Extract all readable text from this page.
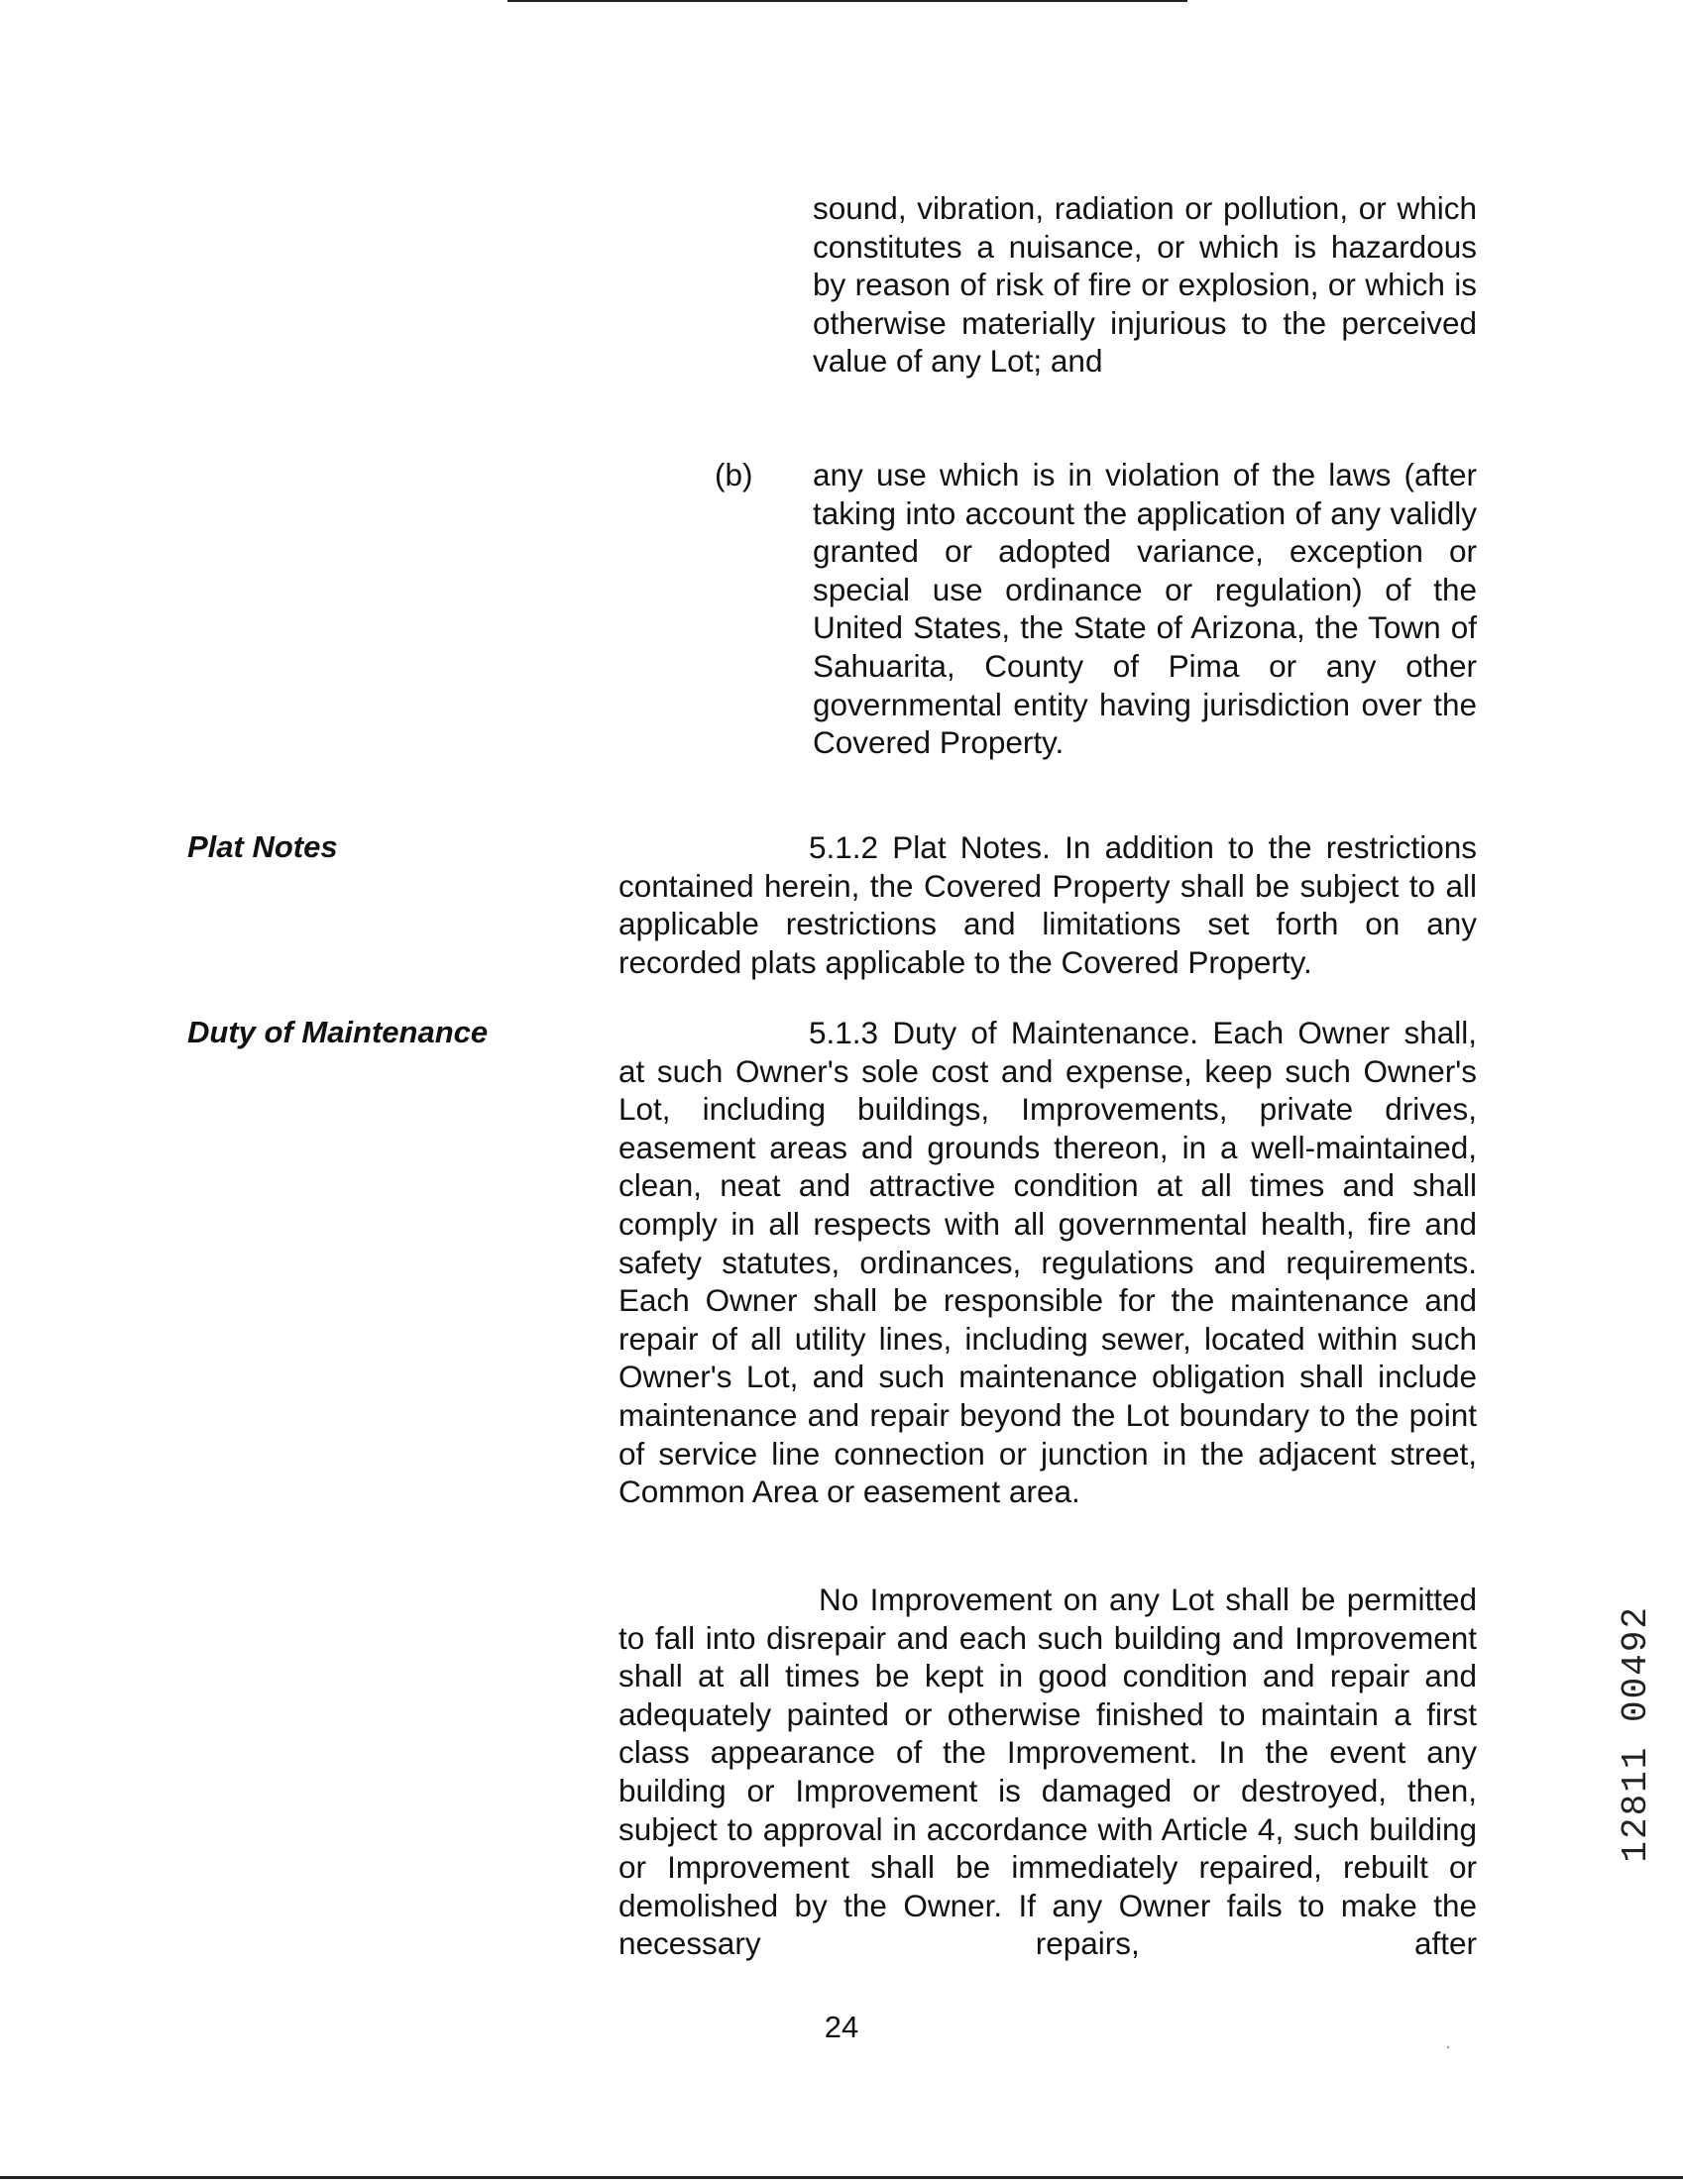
sound, vibration, radiation or pollution, or which constitutes a nuisance, or which is hazardous by reason of risk of fire or explosion, or which is otherwise materially injurious to the perceived value of any Lot; and

(b) any use which is in violation of the laws (after taking into account the application of any validly granted or adopted variance, exception or special use ordinance or regulation) of the United States, the State of Arizona, the Town of Sahuarita, County of Pima or any other governmental entity having jurisdiction over the Covered Property.

Plat Notes	5.1.2 Plat Notes. In addition to the restrictions contained herein, the Covered Property shall be subject to all applicable restrictions and limitations set forth on any recorded plats applicable to the Covered Property.

Duty of Maintenance	5.1.3 Duty of Maintenance. Each Owner shall, at such Owner's sole cost and expense, keep such Owner's Lot, including buildings, Improvements, private drives, easement areas and grounds thereon, in a well-maintained, clean, neat and attractive condition at all times and shall comply in all respects with all governmental health, fire and safety statutes, ordinances, regulations and requirements. Each Owner shall be responsible for the maintenance and repair of all utility lines, including sewer, located within such Owner's Lot, and such maintenance obligation shall include maintenance and repair beyond the Lot boundary to the point of service line connection or junction in the adjacent street, Common Area or easement area.

No Improvement on any Lot shall be permitted to fall into disrepair and each such building and Improvement shall at all times be kept in good condition and repair and adequately painted or otherwise finished to maintain a first class appearance of the Improvement. In the event any building or Improvement is damaged or destroyed, then, subject to approval in accordance with Article 4, such building or Improvement shall be immediately repaired, rebuilt or demolished by the Owner. If any Owner fails to make the necessary repairs, after

24
12811 00492
